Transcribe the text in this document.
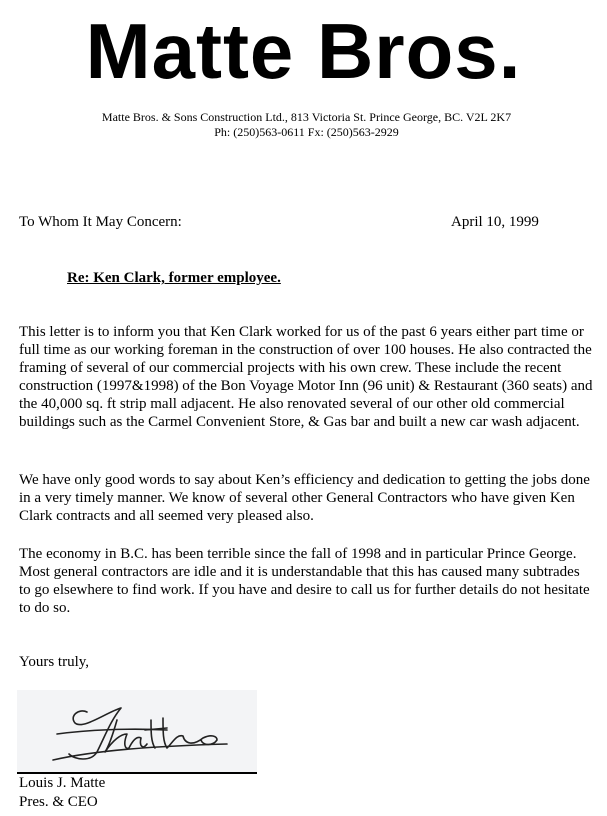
Matte Bros.
Matte Bros. & Sons Construction Ltd., 813 Victoria St. Prince George, BC. V2L 2K7
Ph: (250)563-0611 Fx: (250)563-2929
To Whom It May Concern:	April 10, 1999
Re: Ken Clark, former employee.

This letter is to inform you that Ken Clark worked for us of the past 6 years either part time or full time as our working foreman in the construction of over 100 houses. He also contracted the framing of several of our commercial projects with his own crew. These include the recent construction (1997&1998) of the Bon Voyage Motor Inn (96 unit) & Restaurant (360 seats) and the 40,000 sq. ft strip mall adjacent. He also renovated several of our other old commercial buildings such as the Carmel Convenient Store, & Gas bar and built a new car wash adjacent.

We have only good words to say about Ken’s efficiency and dedication to getting the jobs done in a very timely manner. We know of several other General Contractors who have given Ken Clark contracts and all seemed very pleased also.

The economy in B.C. has been terrible since the fall of 1998 and in particular Prince George. Most general contractors are idle and it is understandable that this has caused many subtrades to go elsewhere to find work. If you have and desire to call us for further details do not hesitate to do so.

Yours truly,
Louis J. Matte
Pres. & CEO
